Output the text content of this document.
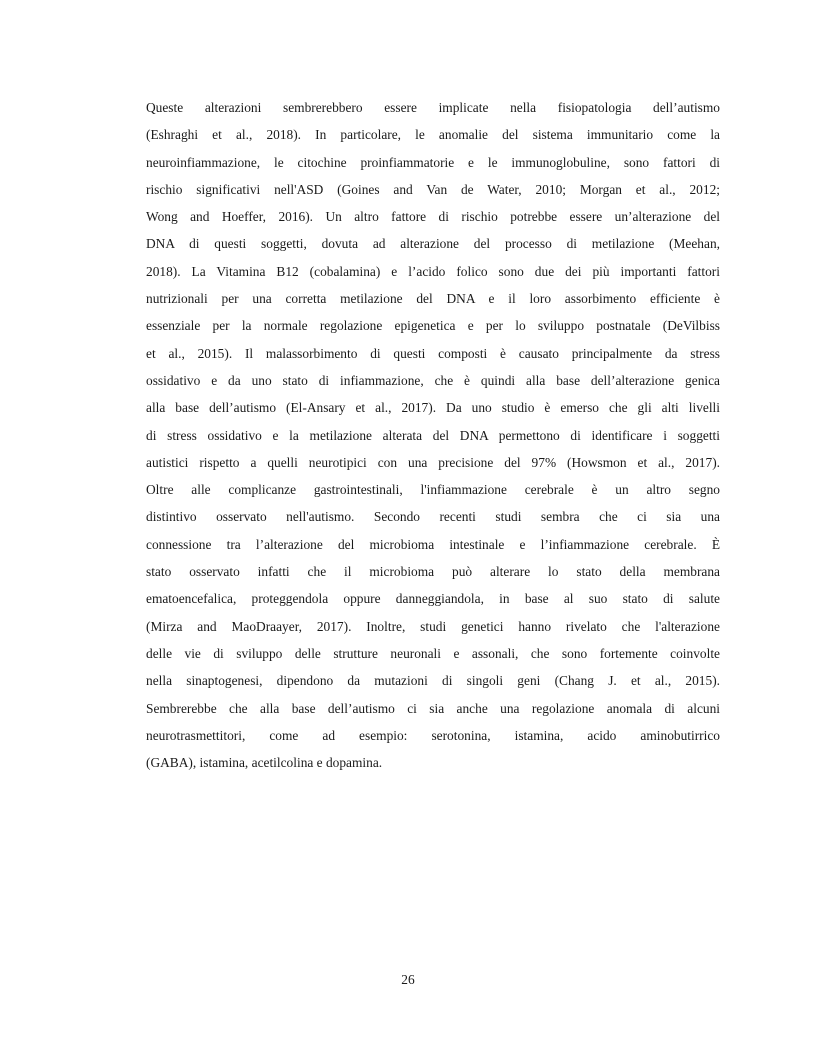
Queste alterazioni sembrerebbero essere implicate nella fisiopatologia dell’autismo
(Eshraghi et al., 2018). In particolare, le anomalie del sistema immunitario come la
neuroinfiammazione, le citochine proinfiammatorie e le immunoglobuline, sono fattori di
rischio significativi nell'ASD (Goines and Van de Water, 2010; Morgan et al., 2012;
Wong and Hoeffer, 2016). Un altro fattore di rischio potrebbe essere un’alterazione del
DNA di questi soggetti, dovuta ad alterazione del processo di metilazione (Meehan,
2018). La Vitamina B12 (cobalamina) e l’acido folico sono due dei più importanti fattori
nutrizionali per una corretta metilazione del DNA e il loro assorbimento efficiente è
essenziale per la normale regolazione epigenetica e per lo sviluppo postnatale (DeVilbiss
et al., 2015). Il malassorbimento di questi composti è causato principalmente da stress
ossidativo e da uno stato di infiammazione, che è quindi alla base dell’alterazione genica
alla base dell’autismo (El-Ansary et al., 2017). Da uno studio è emerso che gli alti livelli
di stress ossidativo e la metilazione alterata del DNA permettono di identificare i soggetti
autistici rispetto a quelli neurotipici con una precisione del 97% (Howsmon et al., 2017).
Oltre alle complicanze gastrointestinali, l'infiammazione cerebrale è un altro segno
distintivo osservato nell'autismo. Secondo recenti studi sembra che ci sia una
connessione tra l’alterazione del microbioma intestinale e l’infiammazione cerebrale. È
stato osservato infatti che il microbioma può alterare lo stato della membrana
ematoencefalica, proteggendola oppure danneggiandola, in base al suo stato di salute
(Mirza and MaoDraayer, 2017). Inoltre, studi genetici hanno rivelato che l'alterazione
delle vie di sviluppo delle strutture neuronali e assonali, che sono fortemente coinvolte
nella sinaptogenesi, dipendono da mutazioni di singoli geni (Chang J. et al., 2015).
Sembrerebbe che alla base dell’autismo ci sia anche una regolazione anomala di alcuni
neurotrasmettitori, come ad esempio: serotonina, istamina, acido aminobutirrico
(GABA), istamina, acetilcolina e dopamina.
26
